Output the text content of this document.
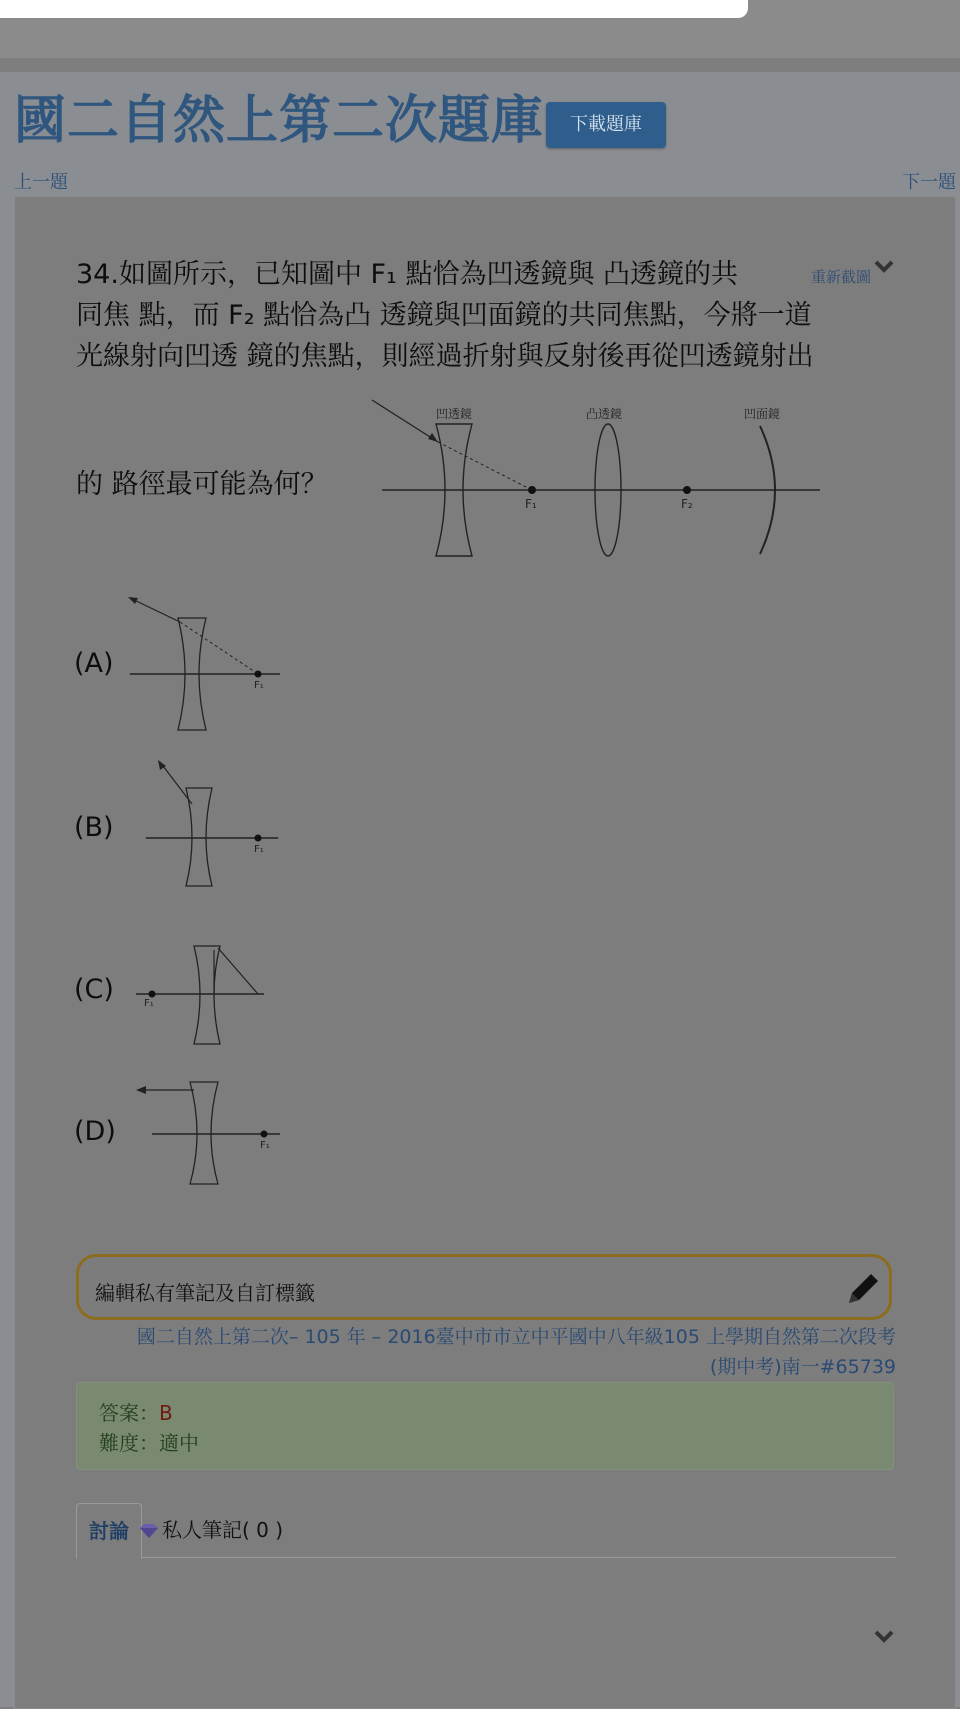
國二自然上第二次題庫	下載題庫
上一題	下一題

34.如圖所示，已知圖中 F₁ 點恰為凹透鏡與 凸透鏡的共

同焦 點，而 F₂ 點恰為凸 透鏡與凹面鏡的共同焦點，今將一道

光線射向凹透 鏡的焦點，則經過折射與反射後再從凹透鏡射出

重新截圖
的 路徑最可能為何？
凹透鏡
F₁
凸透鏡
F₂
凹面鏡
(A)
F₁
(B)
F₁
(C)	F₁
(D)	F₁
編輯私有筆記及自訂標籤
國二自然上第二次– 105 年 – 2016臺中市市立中平國中八年級105 上學期自然第二次段考
(期中考)南一#65739
答案：B
難度：適中
討論	私人筆記( 0 )
